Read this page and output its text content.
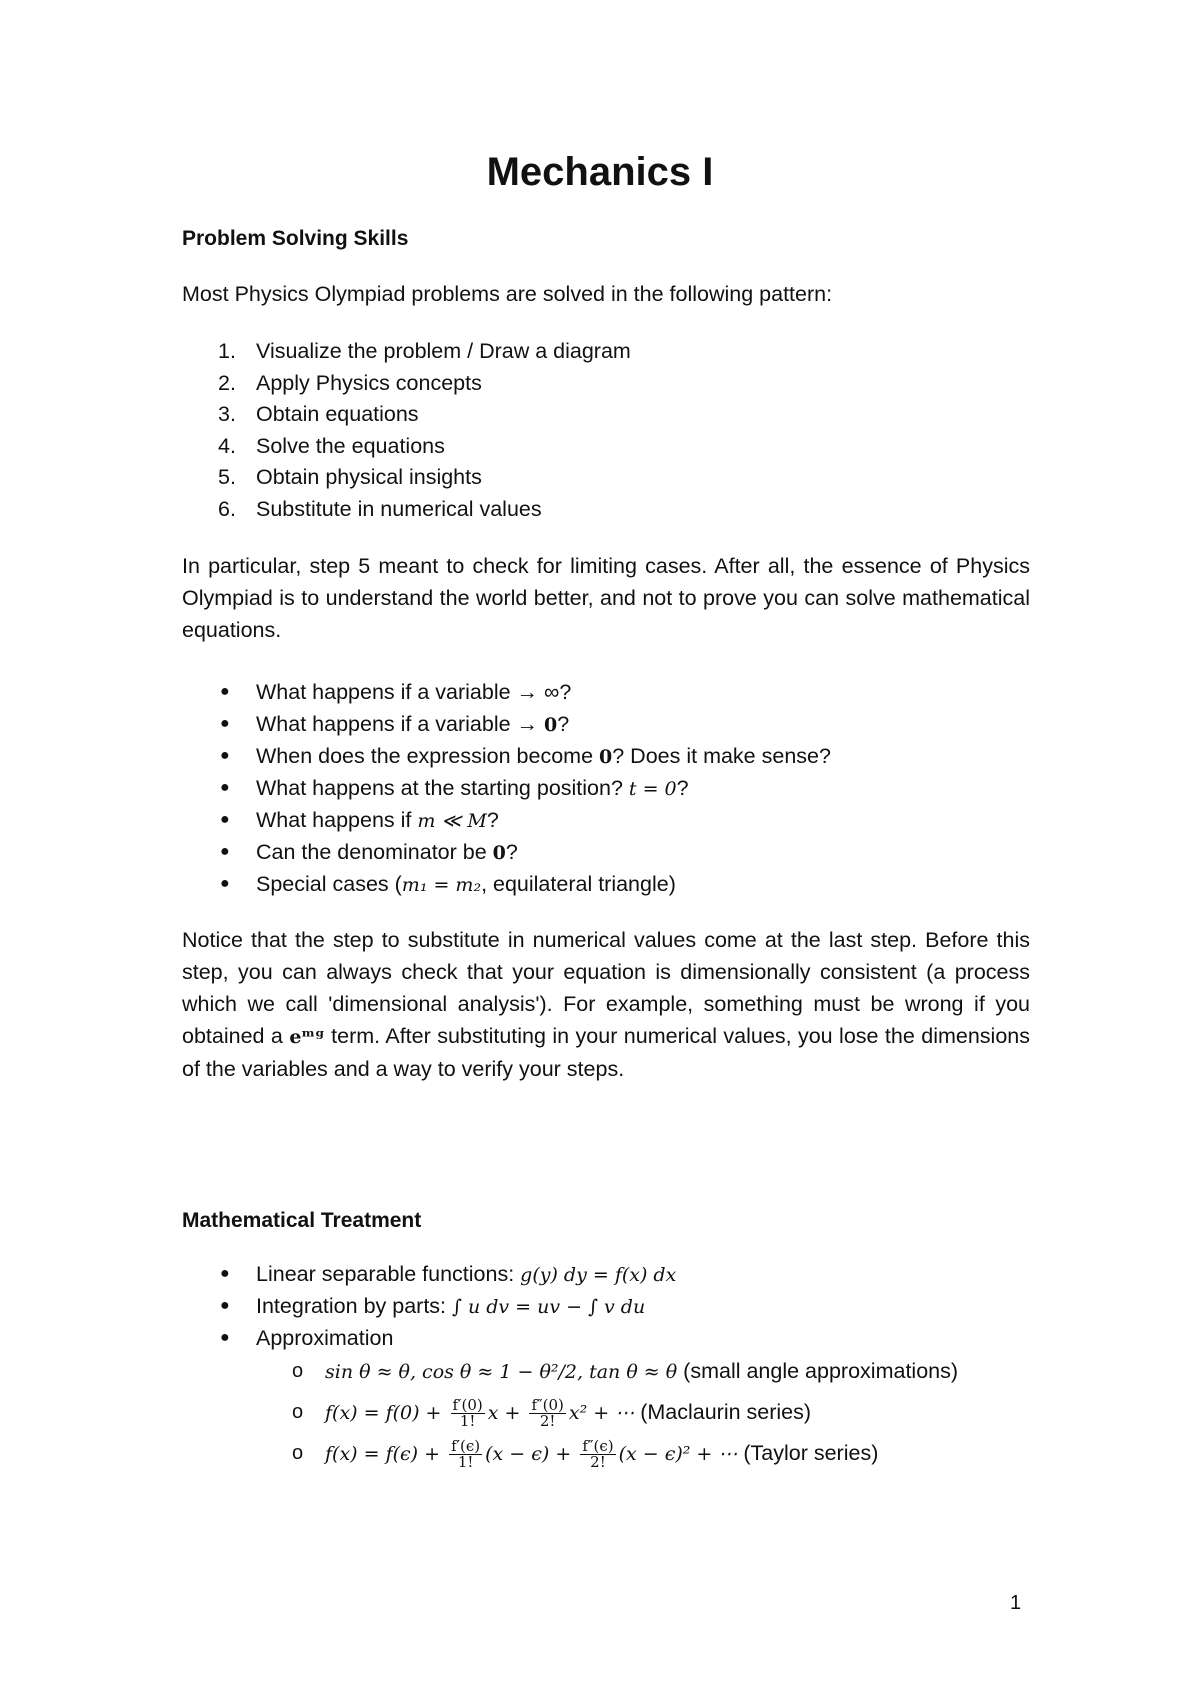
Mechanics I

Problem Solving Skills

Most Physics Olympiad problems are solved in the following pattern:

1. Visualize the problem / Draw a diagram
2. Apply Physics concepts
3. Obtain equations
4. Solve the equations
5. Obtain physical insights
6. Substitute in numerical values

In particular, step 5 meant to check for limiting cases. After all, the essence of Physics Olympiad is to understand the world better, and not to prove you can solve mathematical equations.

● What happens if a variable → ∞?
● What happens if a variable → 0?
● When does the expression become 0? Does it make sense?
● What happens at the starting position? t = 0?
● What happens if m ≪ M?
● Can the denominator be 0?
● Special cases (m₁ = m₂, equilateral triangle)

Notice that the step to substitute in numerical values come at the last step. Before this step, you can always check that your equation is dimensionally consistent (a process which we call 'dimensional analysis'). For example, something must be wrong if you obtained a eᵐᵍ term. After substituting in your numerical values, you lose the dimensions of the variables and a way to verify your steps.

Mathematical Treatment

● Linear separable functions: g(y) dy = f(x) dx
● Integration by parts: ∫ u dv = uv − ∫ v du
● Approximation
o sin θ ≈ θ, cos θ ≈ 1 − θ²/2, tan θ ≈ θ (small angle approximations)
o $f(x) = f(0) + \frac{f'(0)}{1!}$ $x + \frac{f''(0)}{2!} x^2$ + ⋯ (Maclaurin series)
o $f(x) = f(\epsilon) + \frac{f'(\epsilon)}{1!} (x - \epsilon) + \frac{f''(\epsilon)}{2!} (x - \epsilon)^2$ + ⋯ (Taylor series)
1
